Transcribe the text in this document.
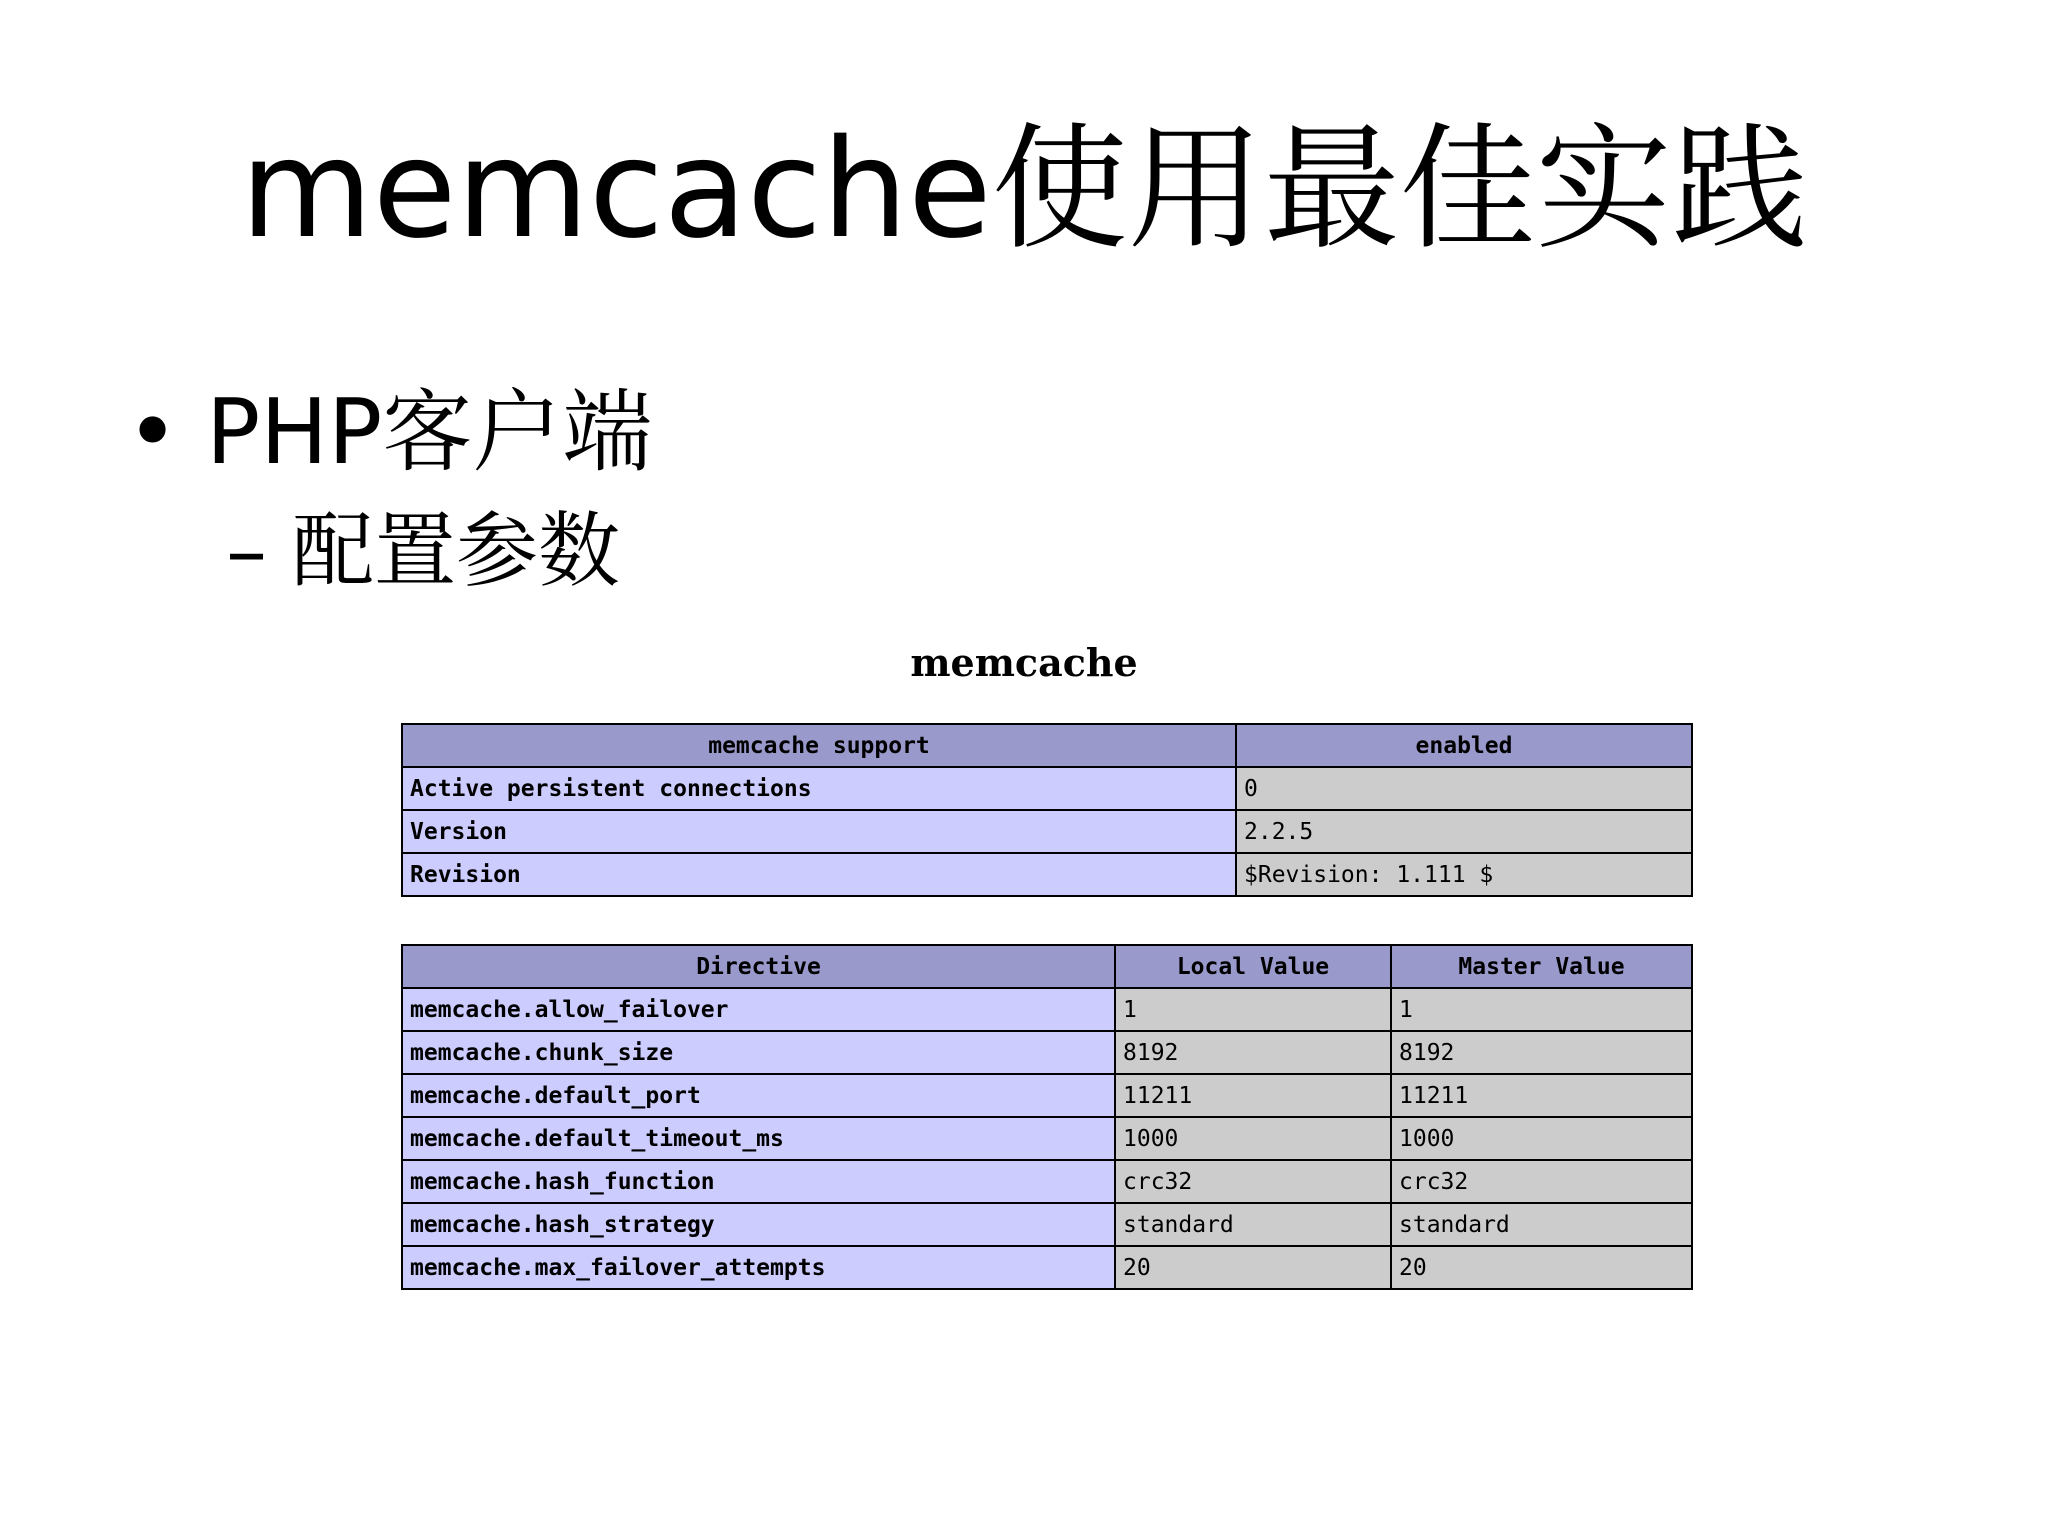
memcache使用最佳实践
• PHP客户端
– 配置参数
memcache
memcache support	enabled
Active persistent connections	0
Version	2.2.5
Revision	$Revision: 1.111 $
Directive	Local Value	Master Value
memcache.allow_failover	1	1
memcache.chunk_size	8192	8192
memcache.default_port	11211	11211
memcache.default_timeout_ms	1000	1000
memcache.hash_function	crc32	crc32
memcache.hash_strategy	standard	standard
memcache.max_failover_attempts	20	20
